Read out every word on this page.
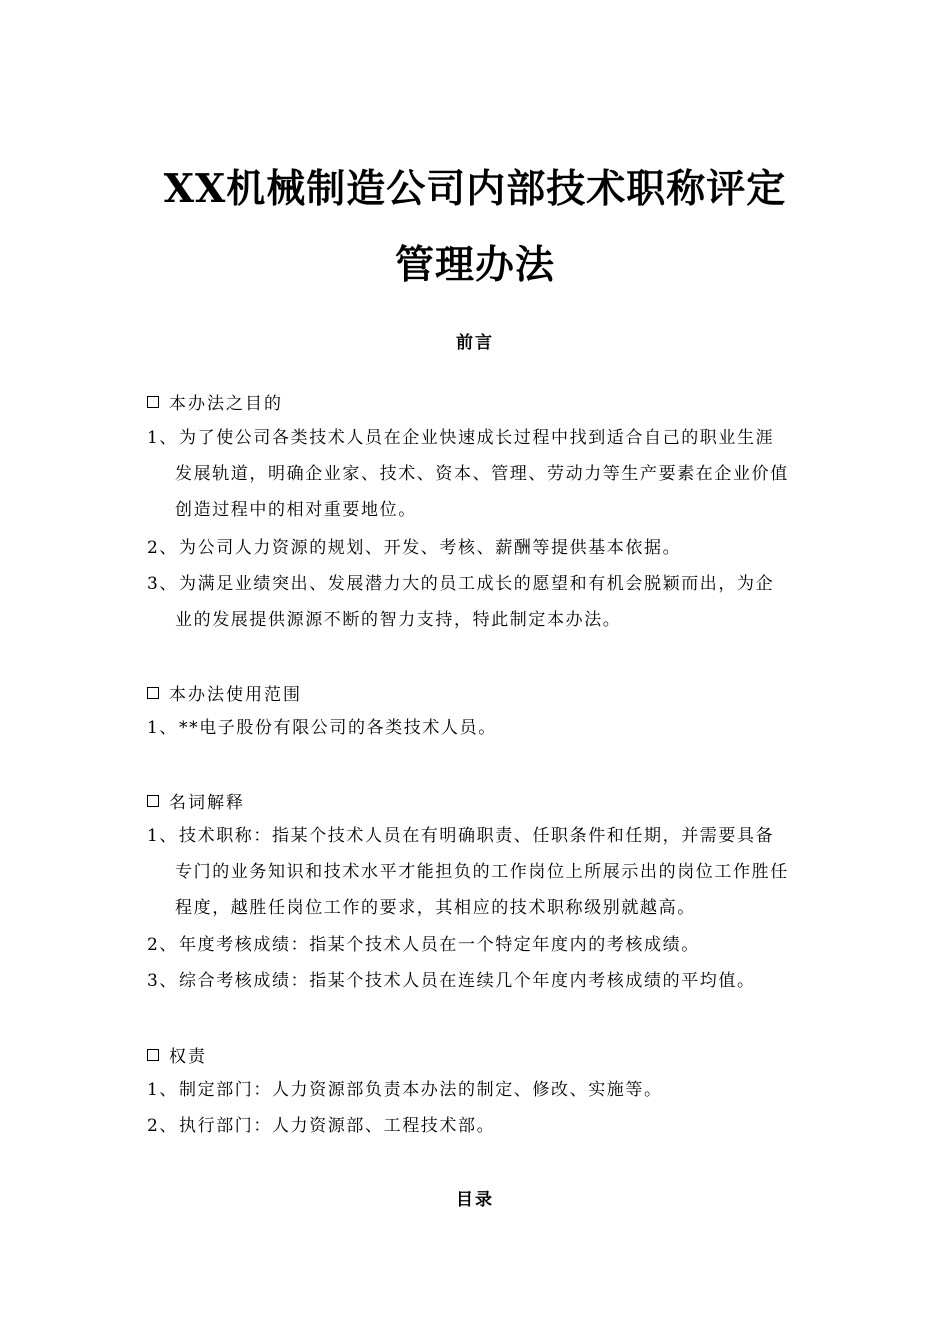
XX机械制造公司内部技术职称评定
管理办法
前言
本办法之目的
1、 为了使公司各类技术人员在企业快速成长过程中找到适合自己的职业生涯
发展轨道，明确企业家、技术、资本、管理、劳动力等生产要素在企业价值
创造过程中的相对重要地位。
2、 为公司人力资源的规划、开发、考核、薪酬等提供基本依据。
3、 为满足业绩突出、发展潜力大的员工成长的愿望和有机会脱颖而出，为企
业的发展提供源源不断的智力支持，特此制定本办法。
本办法使用范围
1、 **电子股份有限公司的各类技术人员。
名词解释
1、 技术职称：指某个技术人员在有明确职责、任职条件和任期，并需要具备
专门的业务知识和技术水平才能担负的工作岗位上所展示出的岗位工作胜任
程度，越胜任岗位工作的要求，其相应的技术职称级别就越高。
2、 年度考核成绩：指某个技术人员在一个特定年度内的考核成绩。
3、 综合考核成绩：指某个技术人员在连续几个年度内考核成绩的平均值。
权责
1、 制定部门：人力资源部负责本办法的制定、修改、实施等。
2、 执行部门：人力资源部、工程技术部。
目录
